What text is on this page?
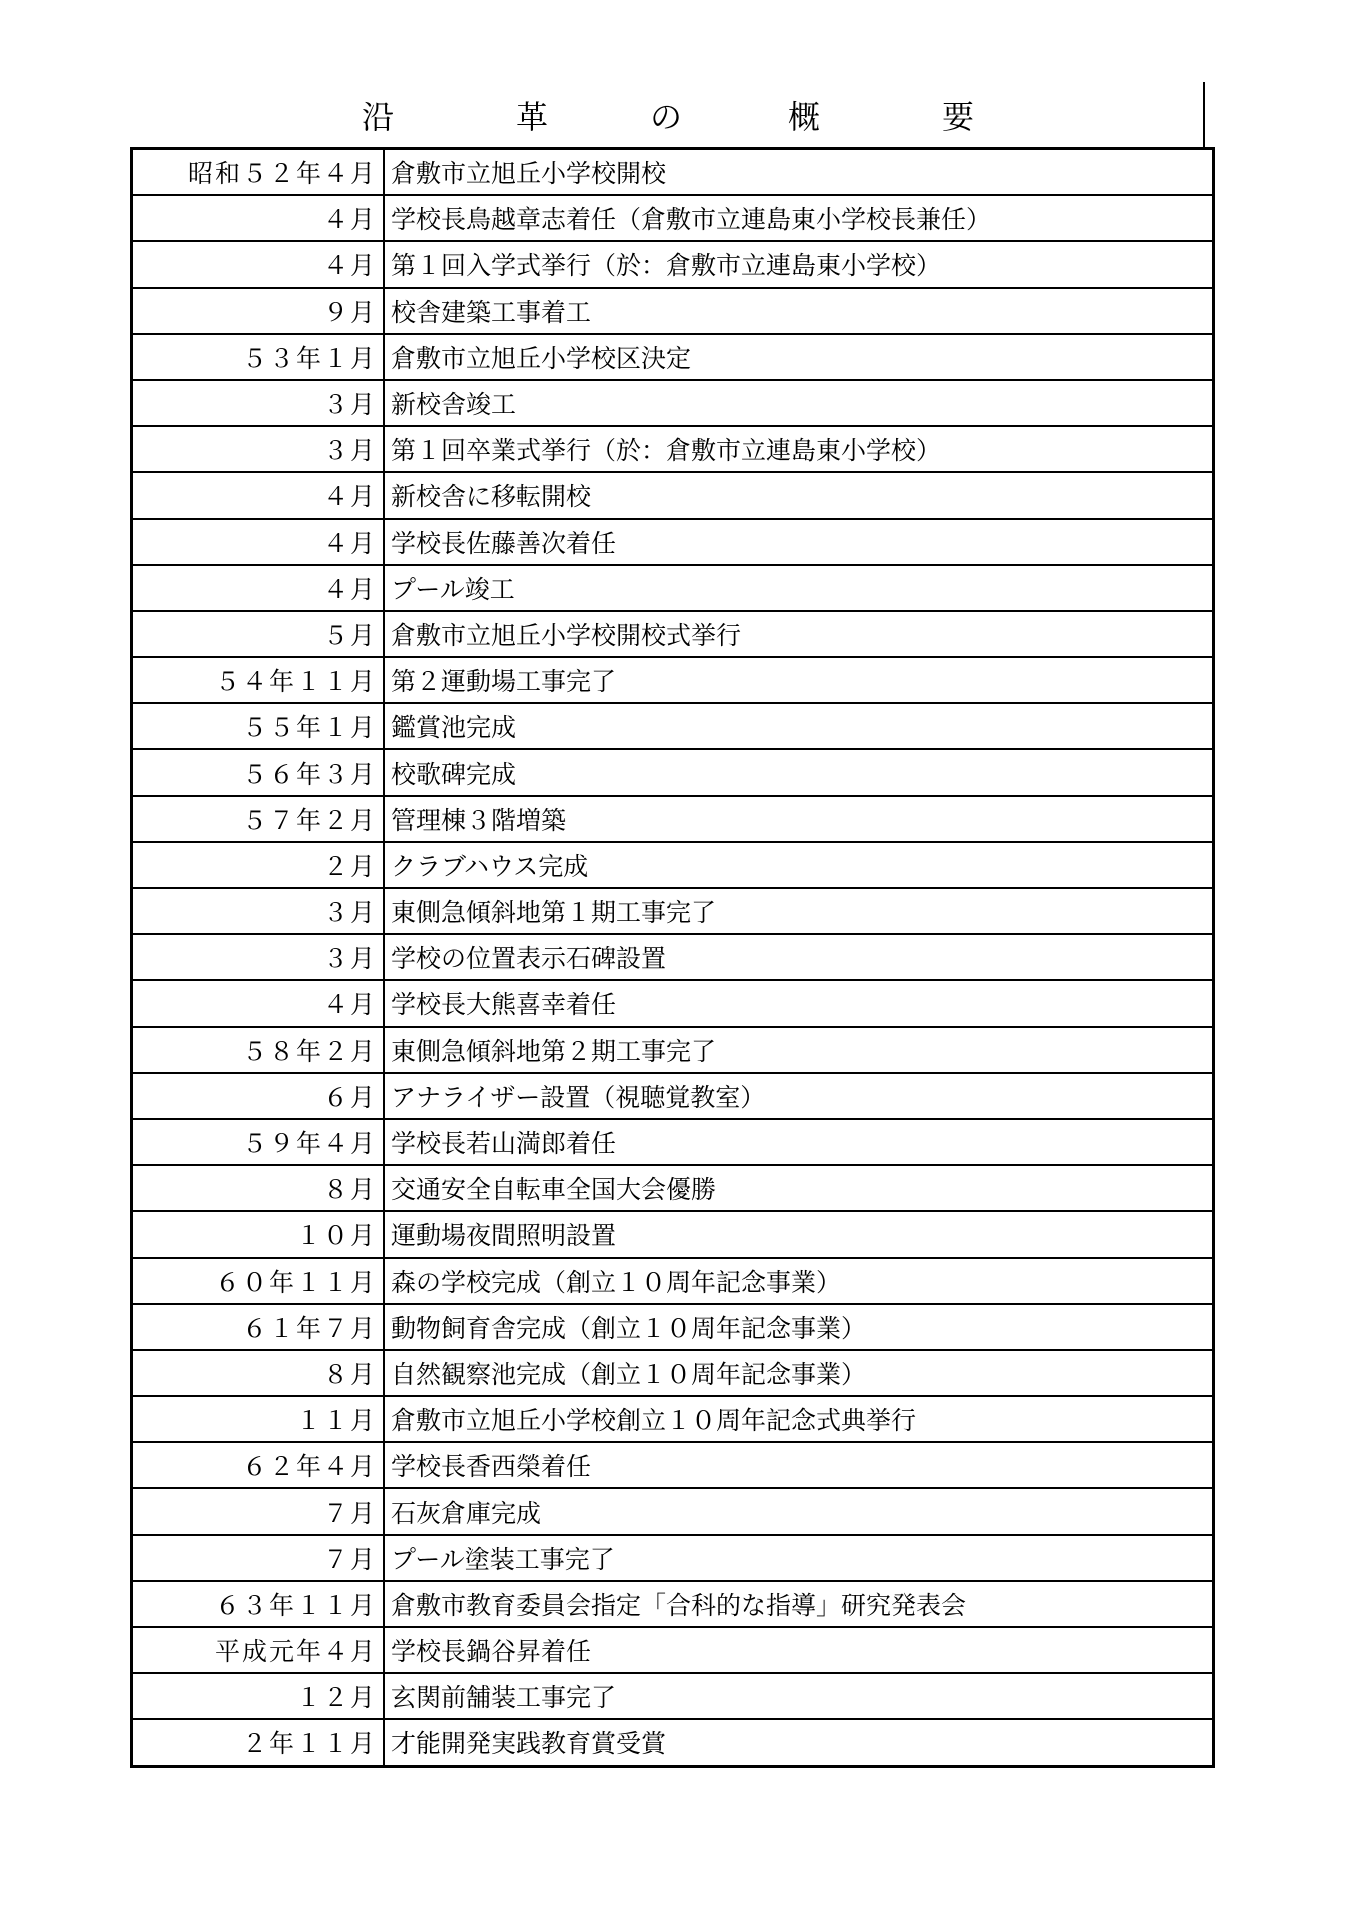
沿	革	の	概	要
昭和５２年４月	倉敷市立旭丘小学校開校
４月	学校長鳥越章志着任（倉敷市立連島東小学校長兼任）
４月	第１回入学式挙行（於：倉敷市立連島東小学校）
９月	校舎建築工事着工
５３年１月	倉敷市立旭丘小学校区決定
３月	新校舎竣工
３月	第１回卒業式挙行（於：倉敷市立連島東小学校）
４月	新校舎に移転開校
４月	学校長佐藤善次着任
４月	プール竣工
５月	倉敷市立旭丘小学校開校式挙行
５４年１１月	第２運動場工事完了
５５年１月	鑑賞池完成
５６年３月	校歌碑完成
５７年２月	管理棟３階増築
２月	クラブハウス完成
３月	東側急傾斜地第１期工事完了
３月	学校の位置表示石碑設置
４月	学校長大熊喜幸着任
５８年２月	東側急傾斜地第２期工事完了
６月	アナライザー設置（視聴覚教室）
５９年４月	学校長若山満郎着任
８月	交通安全自転車全国大会優勝
１０月	運動場夜間照明設置
６０年１１月	森の学校完成（創立１０周年記念事業）
６１年７月	動物飼育舎完成（創立１０周年記念事業）
８月	自然観察池完成（創立１０周年記念事業）
１１月	倉敷市立旭丘小学校創立１０周年記念式典挙行
６２年４月	学校長香西榮着任
７月	石灰倉庫完成
７月	プール塗装工事完了
６３年１１月	倉敷市教育委員会指定「合科的な指導」研究発表会
平成元年４月	学校長鍋谷昇着任
１２月	玄関前舗装工事完了
２年１１月	才能開発実践教育賞受賞
